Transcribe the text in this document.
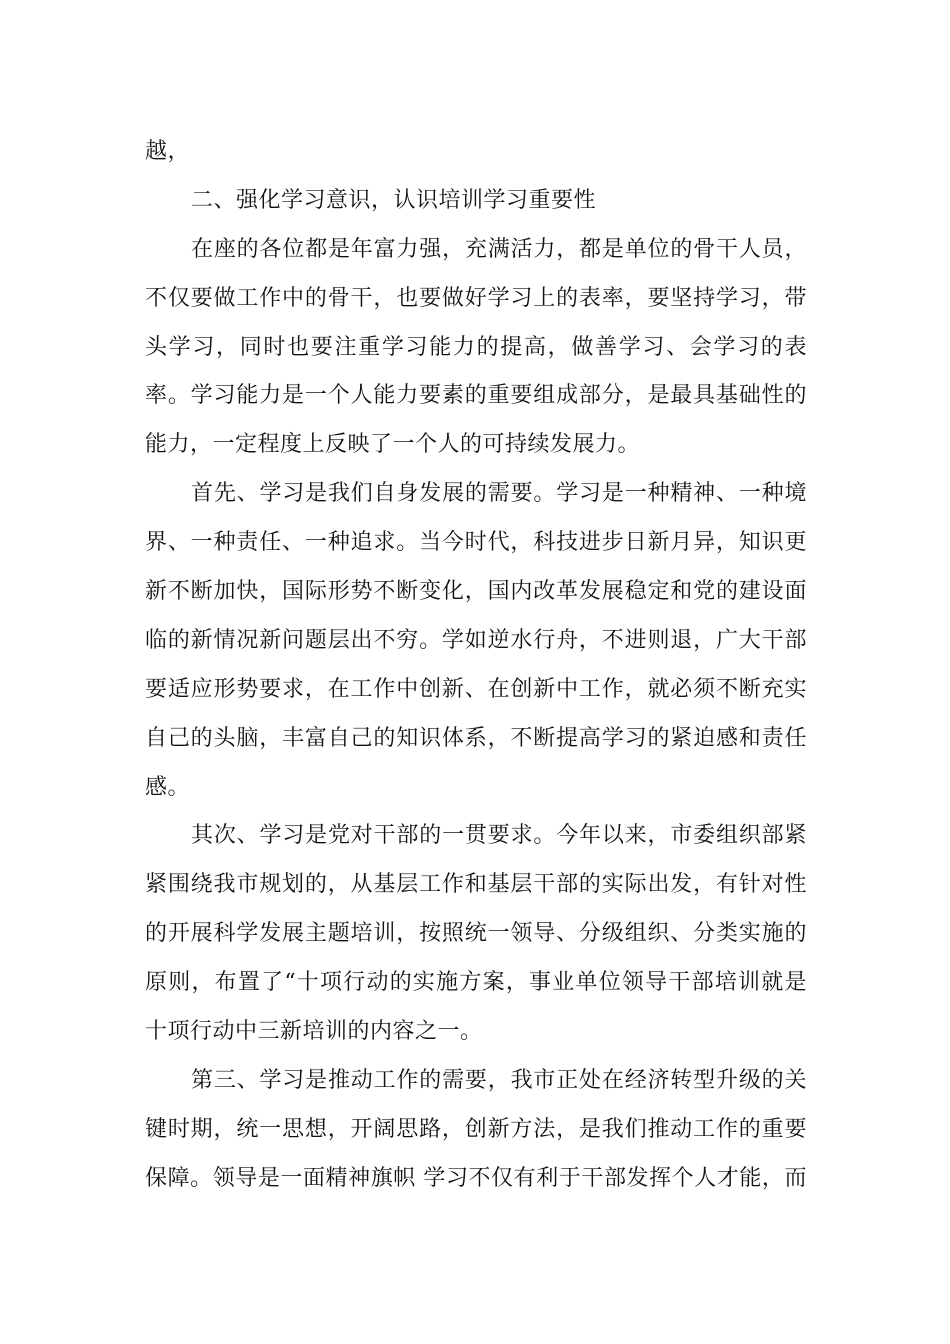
越，
二、强化学习意识，认识培训学习重要性
在座的各位都是年富力强，充满活力，都是单位的骨干人员，
不仅要做工作中的骨干，也要做好学习上的表率，要坚持学习，带
头学习，同时也要注重学习能力的提高，做善学习、会学习的表
率。学习能力是一个人能力要素的重要组成部分，是最具基础性的
能力，一定程度上反映了一个人的可持续发展力。
首先、学习是我们自身发展的需要。学习是一种精神、一种境
界、一种责任、一种追求。当今时代，科技进步日新月异，知识更
新不断加快，国际形势不断变化，国内改革发展稳定和党的建设面
临的新情况新问题层出不穷。学如逆水行舟，不进则退，广大干部
要适应形势要求，在工作中创新、在创新中工作，就必须不断充实
自己的头脑，丰富自己的知识体系，不断提高学习的紧迫感和责任
感。
其次、学习是党对干部的一贯要求。今年以来，市委组织部紧
紧围绕我市规划的，从基层工作和基层干部的实际出发，有针对性
的开展科学发展主题培训，按照统一领导、分级组织、分类实施的
原则，布置了“十项行动的实施方案，事业单位领导干部培训就是
十项行动中三新培训的内容之一。
第三、学习是推动工作的需要，我市正处在经济转型升级的关
键时期，统一思想，开阔思路，创新方法，是我们推动工作的重要
保障。领导是一面精神旗帜 学习不仅有利于干部发挥个人才能，而
